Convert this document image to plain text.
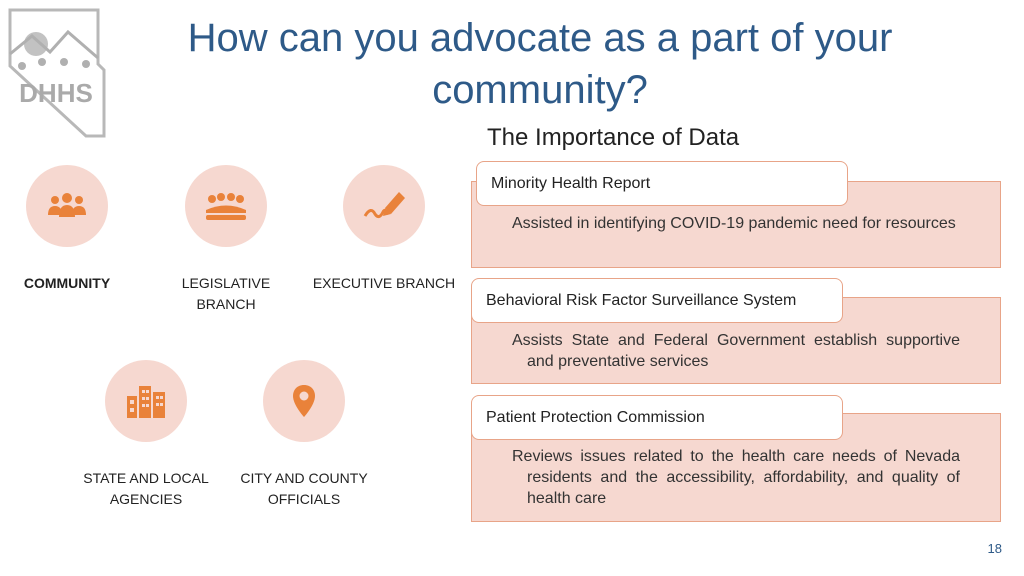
DHHS
How can you advocate as a part of your community?
The Importance of Data
COMMUNITY	LEGISLATIVE BRANCH
EXECUTIVE BRANCH
STATE AND LOCAL AGENCIES
CITY AND COUNTY OFFICIALS
Assisted in identifying COVID-19 pandemic need for resources
Minority Health Report
Assists State and Federal Government establish supportive and preventative services
Behavioral Risk Factor Surveillance System
Reviews issues related to the health care needs of Nevada residents and the accessibility, affordability, and quality of health care
Patient Protection Commission
18
